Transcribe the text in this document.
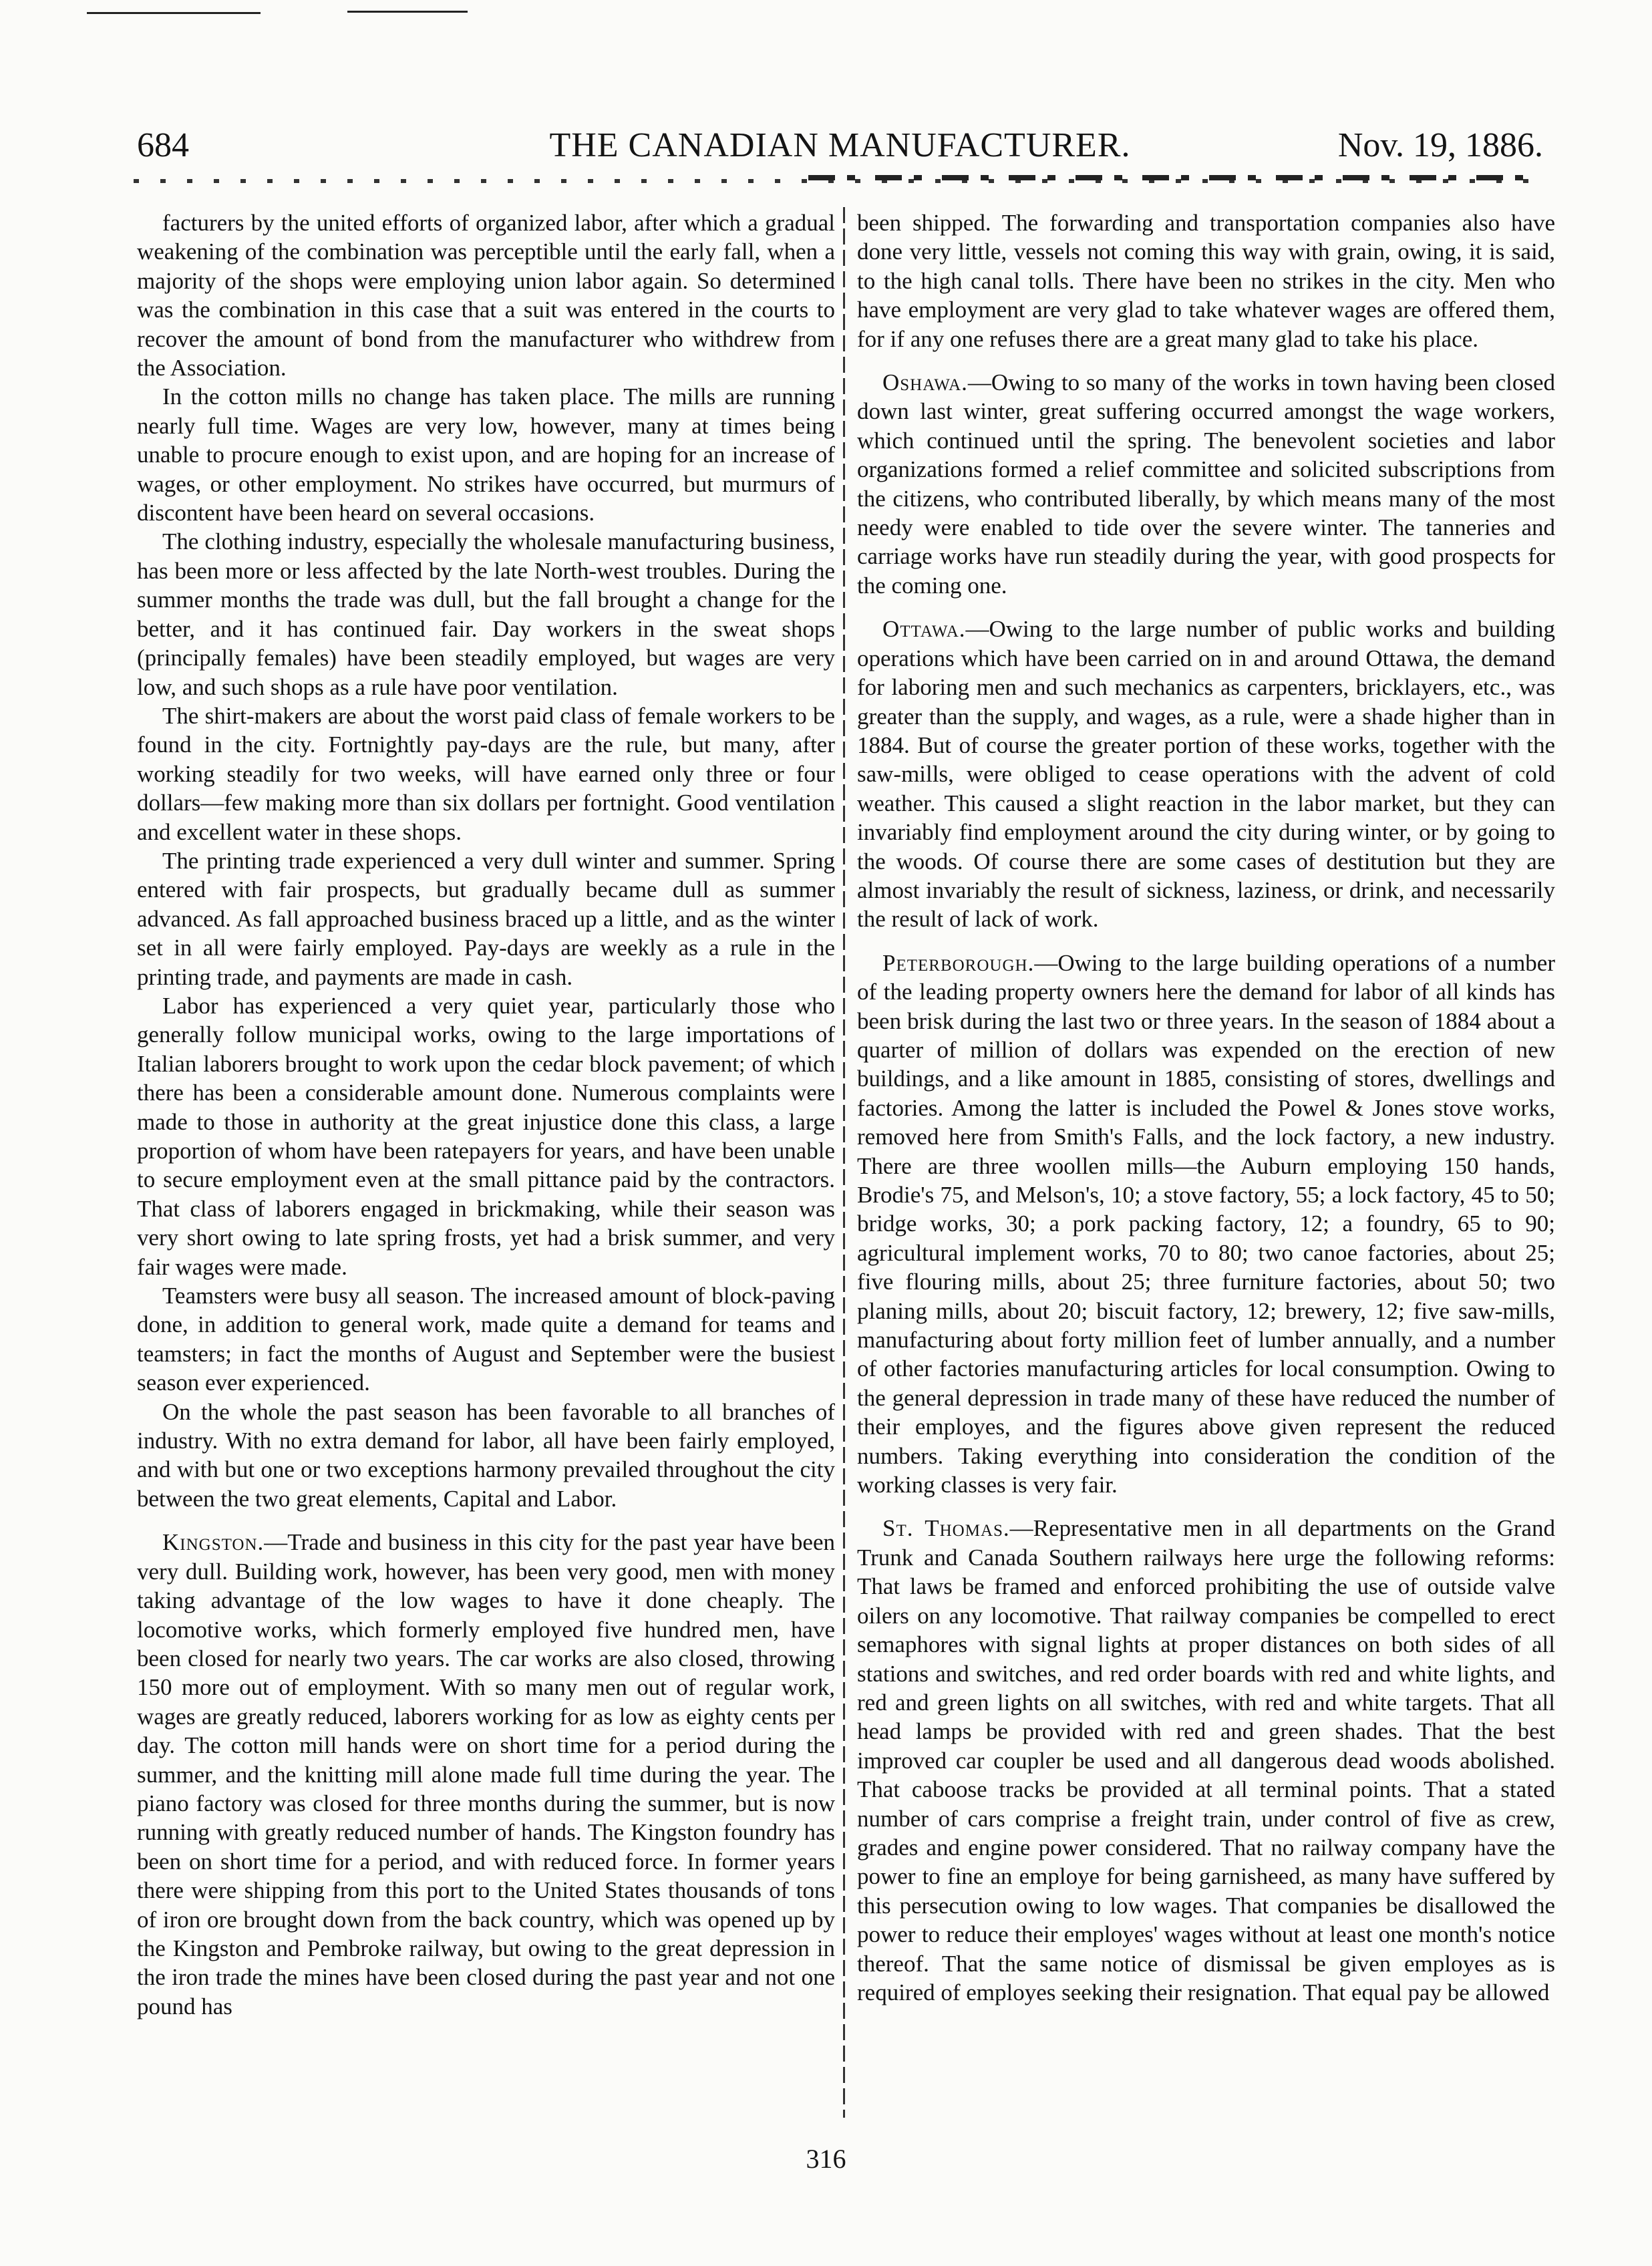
684	THE CANADIAN MANUFACTURER.	Nov. 19, 1886.

facturers by the united efforts of organized labor, after which a gradual weakening of the combination was perceptible until the early fall, when a majority of the shops were employing union labor again. So determined was the combination in this case that a suit was entered in the courts to recover the amount of bond from the manufacturer who withdrew from the Association.

In the cotton mills no change has taken place. The mills are running nearly full time. Wages are very low, however, many at times being unable to procure enough to exist upon, and are hoping for an increase of wages, or other employment. No strikes have occurred, but murmurs of discontent have been heard on several occasions.

The clothing industry, especially the wholesale manufacturing business, has been more or less affected by the late North-west troubles. During the summer months the trade was dull, but the fall brought a change for the better, and it has continued fair. Day workers in the sweat shops (principally females) have been steadily employed, but wages are very low, and such shops as a rule have poor ventilation.

The shirt-makers are about the worst paid class of female workers to be found in the city. Fortnightly pay-days are the rule, but many, after working steadily for two weeks, will have earned only three or four dollars—few making more than six dollars per fortnight. Good ventilation and excellent water in these shops.

The printing trade experienced a very dull winter and summer. Spring entered with fair prospects, but gradually became dull as summer advanced. As fall approached business braced up a little, and as the winter set in all were fairly employed. Pay-days are weekly as a rule in the printing trade, and payments are made in cash.

Labor has experienced a very quiet year, particularly those who generally follow municipal works, owing to the large importations of Italian laborers brought to work upon the cedar block pavement; of which there has been a considerable amount done. Numerous complaints were made to those in authority at the great injustice done this class, a large proportion of whom have been ratepayers for years, and have been unable to secure employment even at the small pittance paid by the contractors. That class of laborers engaged in brickmaking, while their season was very short owing to late spring frosts, yet had a brisk summer, and very fair wages were made.

Teamsters were busy all season. The increased amount of block-paving done, in addition to general work, made quite a demand for teams and teamsters; in fact the months of August and September were the busiest season ever experienced.

On the whole the past season has been favorable to all branches of industry. With no extra demand for labor, all have been fairly employed, and with but one or two exceptions harmony prevailed throughout the city between the two great elements, Capital and Labor.

Kingston.—Trade and business in this city for the past year have been very dull. Building work, however, has been very good, men with money taking advantage of the low wages to have it done cheaply. The locomotive works, which formerly employed five hundred men, have been closed for nearly two years. The car works are also closed, throwing 150 more out of employment. With so many men out of regular work, wages are greatly reduced, laborers working for as low as eighty cents per day. The cotton mill hands were on short time for a period during the summer, and the knitting mill alone made full time during the year. The piano factory was closed for three months during the summer, but is now running with greatly reduced number of hands. The Kingston foundry has been on short time for a period, and with reduced force. In former years there were shipping from this port to the United States thousands of tons of iron ore brought down from the back country, which was opened up by the Kingston and Pembroke railway, but owing to the great depression in the iron trade the mines have been closed during the past year and not one pound has

been shipped. The forwarding and transportation companies also have done very little, vessels not coming this way with grain, owing, it is said, to the high canal tolls. There have been no strikes in the city. Men who have employment are very glad to take whatever wages are offered them, for if any one refuses there are a great many glad to take his place.

Oshawa.—Owing to so many of the works in town having been closed down last winter, great suffering occurred amongst the wage workers, which continued until the spring. The benevolent societies and labor organizations formed a relief committee and solicited subscriptions from the citizens, who contributed liberally, by which means many of the most needy were enabled to tide over the severe winter. The tanneries and carriage works have run steadily during the year, with good prospects for the coming one.

Ottawa.—Owing to the large number of public works and building operations which have been carried on in and around Ottawa, the demand for laboring men and such mechanics as carpenters, bricklayers, etc., was greater than the supply, and wages, as a rule, were a shade higher than in 1884. But of course the greater portion of these works, together with the saw-mills, were obliged to cease operations with the advent of cold weather. This caused a slight reaction in the labor market, but they can invariably find employment around the city during winter, or by going to the woods. Of course there are some cases of destitution but they are almost invariably the result of sickness, laziness, or drink, and necessarily the result of lack of work.

Peterborough.—Owing to the large building operations of a number of the leading property owners here the demand for labor of all kinds has been brisk during the last two or three years. In the season of 1884 about a quarter of million of dollars was expended on the erection of new buildings, and a like amount in 1885, consisting of stores, dwellings and factories. Among the latter is included the Powel & Jones stove works, removed here from Smith's Falls, and the lock factory, a new industry. There are three woollen mills—the Auburn employing 150 hands, Brodie's 75, and Melson's, 10; a stove factory, 55; a lock factory, 45 to 50; bridge works, 30; a pork packing factory, 12; a foundry, 65 to 90; agricultural implement works, 70 to 80; two canoe factories, about 25; five flouring mills, about 25; three furniture factories, about 50; two planing mills, about 20; biscuit factory, 12; brewery, 12; five saw-mills, manufacturing about forty million feet of lumber annually, and a number of other factories manufacturing articles for local consumption. Owing to the general depression in trade many of these have reduced the number of their employes, and the figures above given represent the reduced numbers. Taking everything into consideration the condition of the working classes is very fair.

St. Thomas.—Representative men in all departments on the Grand Trunk and Canada Southern railways here urge the following reforms: That laws be framed and enforced prohibiting the use of outside valve oilers on any locomotive. That railway companies be compelled to erect semaphores with signal lights at proper distances on both sides of all stations and switches, and red order boards with red and white lights, and red and green lights on all switches, with red and white targets. That all head lamps be provided with red and green shades. That the best improved car coupler be used and all dangerous dead woods abolished. That caboose tracks be provided at all terminal points. That a stated number of cars comprise a freight train, under control of five as crew, grades and engine power considered. That no railway company have the power to fine an employe for being garnisheed, as many have suffered by this persecution owing to low wages. That companies be disallowed the power to reduce their employes' wages without at least one month's notice thereof. That the same notice of dismissal be given employes as is required of employes seeking their resignation. That equal pay be allowed

316
